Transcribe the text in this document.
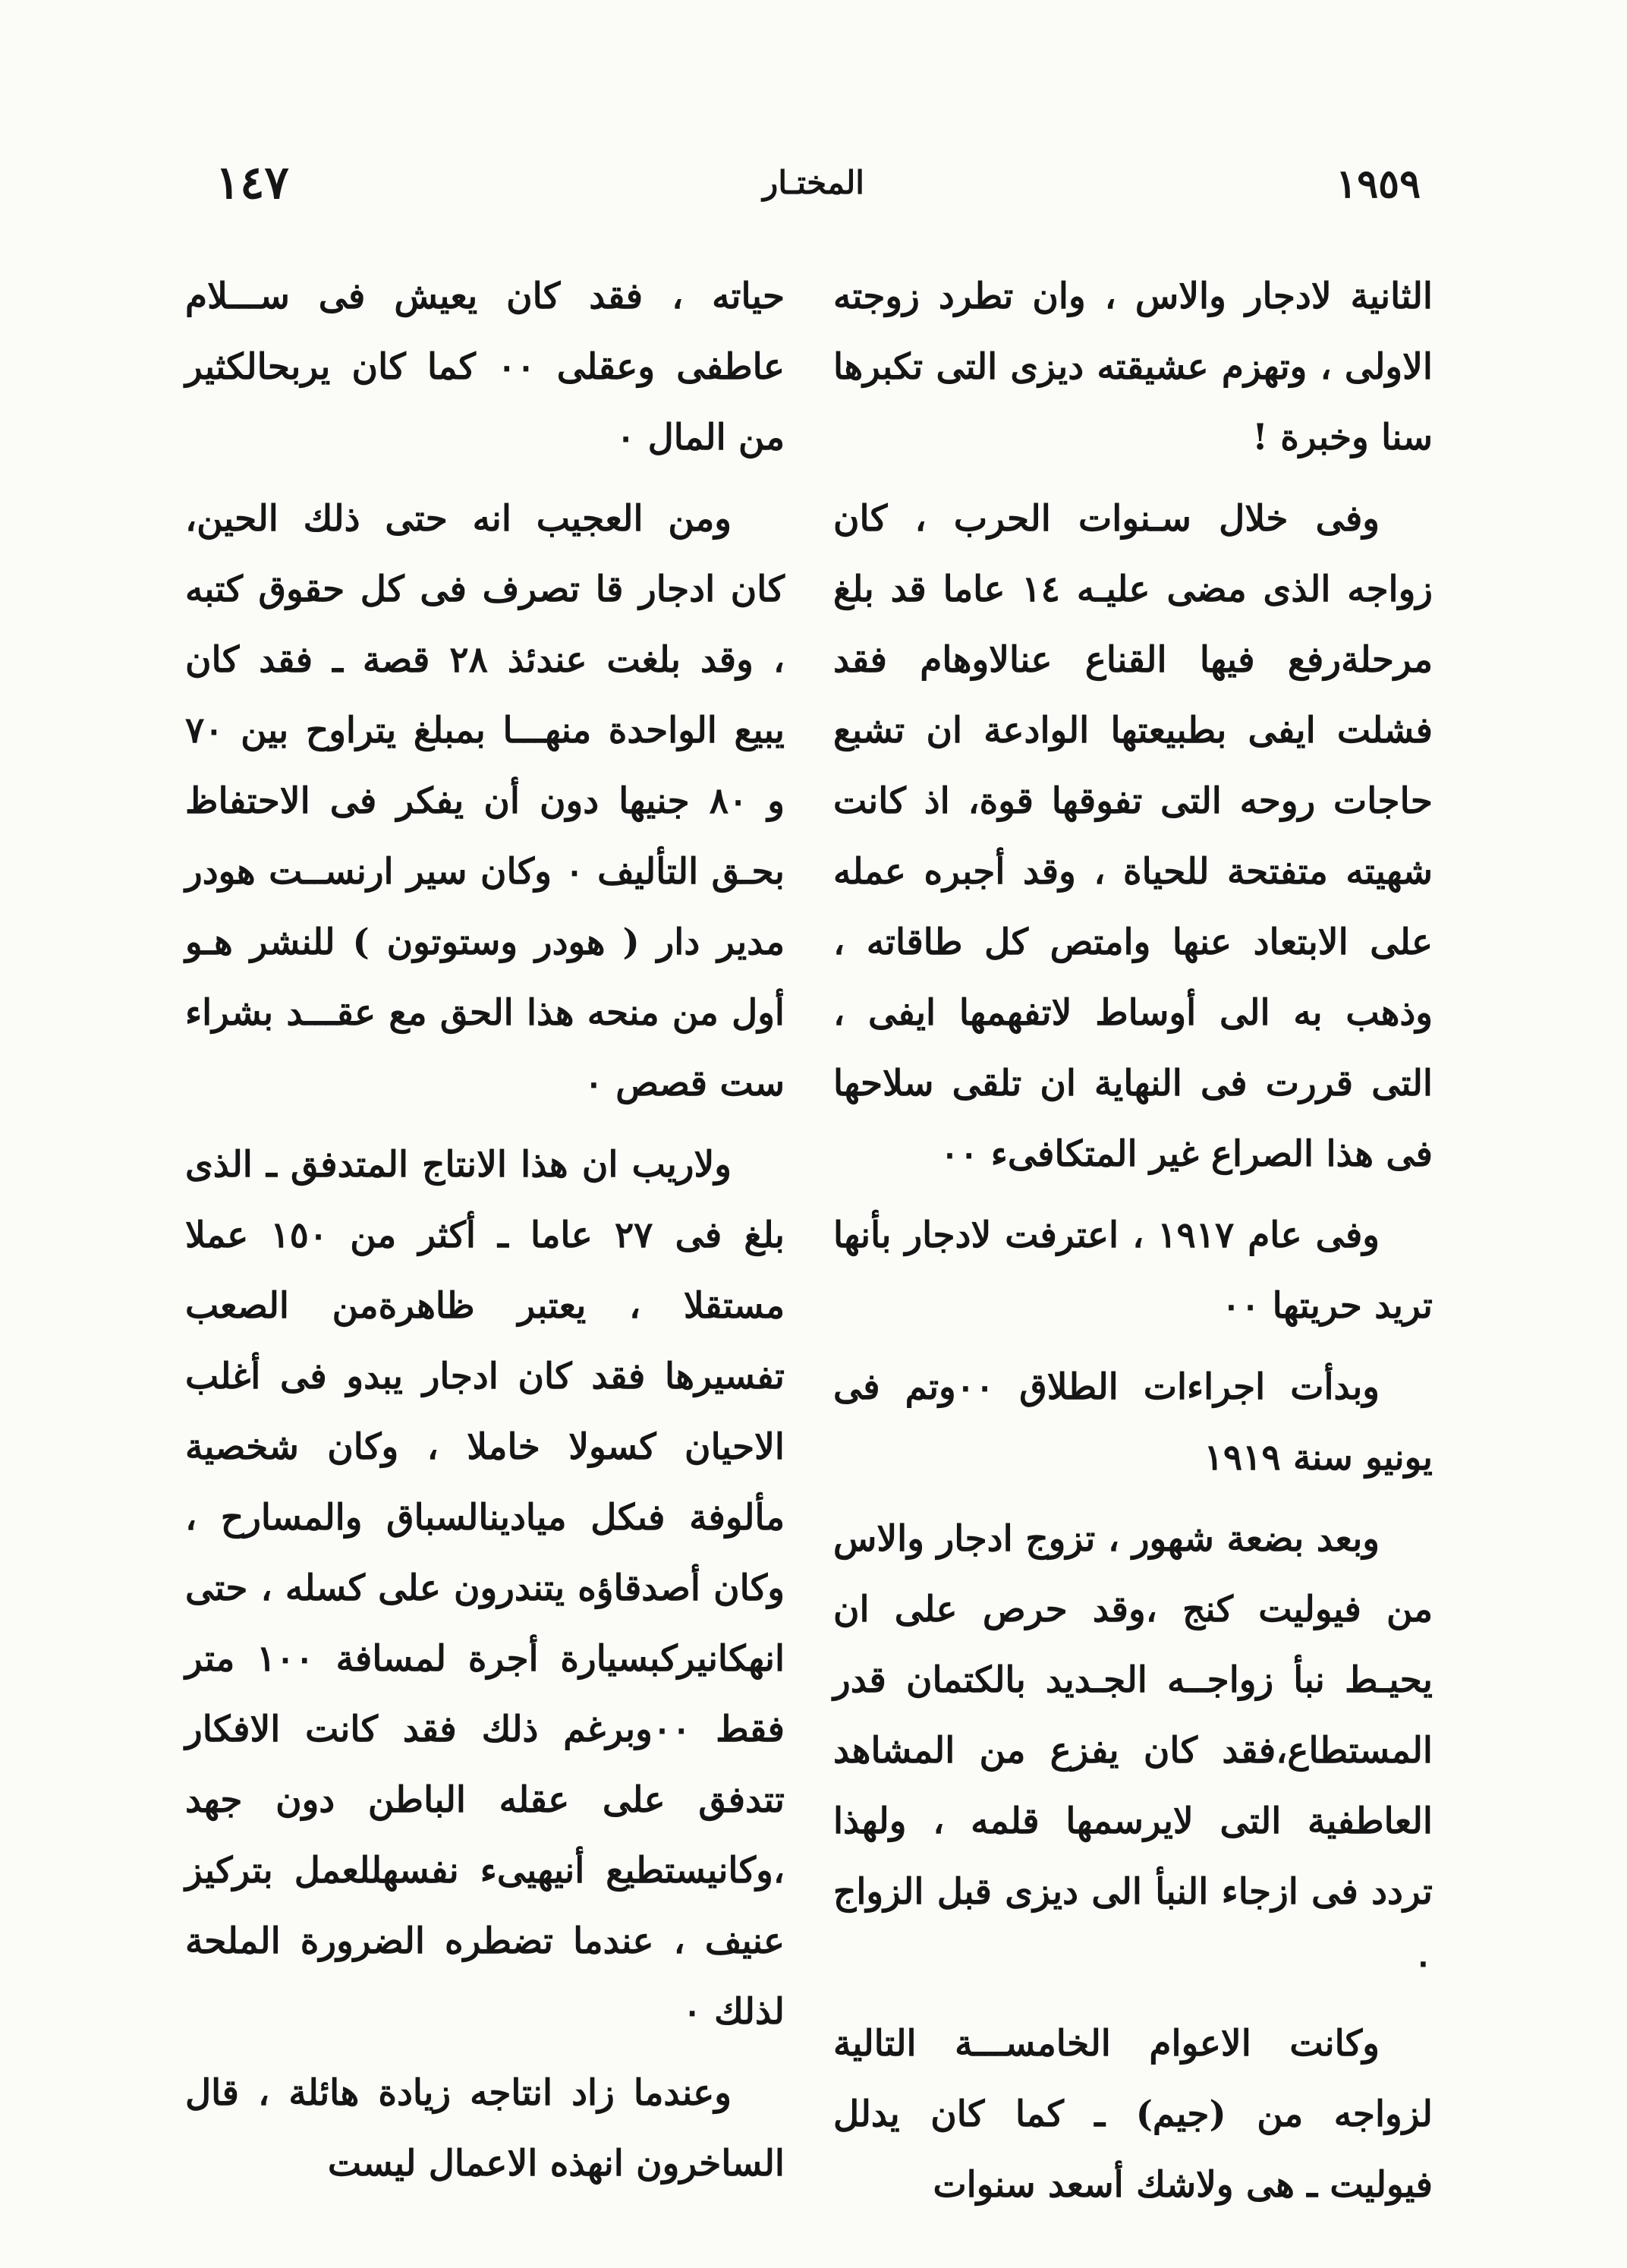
١٤٧	المختـار	١٩٥٩

الثانية لادجار والاس ، وان تطرد زوجته الاولى ، وتهزم عشيقته ديزى التى تكبرها سنا وخبرة !

وفى خلال سـنوات الحرب ، كان زواجه الذى مضى عليـه ١٤ عاما قد بلغ مرحلةرفع فيها القناع عنالاوهام فقد فشلت ايفى بطبيعتها الوادعة ان تشبع حاجات روحه التى تفوقها قوة، اذ كانت شهيته متفتحة للحياة ، وقد أجبره عمله على الابتعاد عنها وامتص كل طاقاته ، وذهب به الى أوساط لاتفهمها ايفى ، التى قررت فى النهاية ان تلقى سلاحها فى هذا الصراع غير المتكافىء ٠٠

وفى عام ١٩١٧ ، اعترفت لادجار بأنها تريد حريتها ٠٠

وبدأت اجراءات الطلاق ٠٠وتم فى يونيو سنة ١٩١٩

وبعد بضعة شهور ، تزوج ادجار والاس من فيوليت كنج ،وقد حرص على ان يحيـط نبأ زواجــه الجـديد بالكتمان قدر المستطاع،فقد كان يفزع من المشاهد العاطفية التى لايرسمها قلمه ، ولهذا تردد فى ازجاء النبأ الى ديزى قبل الزواج ٠

وكانت الاعوام الخامســـة التالية لزواجه من (جيم) ـ كما كان يدلل فيوليت ـ هى ولاشك أسعد سنوات

حياته ، فقد كان يعيش فى ســـلام عاطفى وعقلى ٠٠ كما كان يربحالكثير من المال ٠

ومن العجيب انه حتى ذلك الحين، كان ادجار قا تصرف فى كل حقوق كتبه ، وقد بلغت عندئذ ٢٨ قصة ـ فقد كان يبيع الواحدة منهـــا بمبلغ يتراوح بين ٧٠ و ٨٠ جنيها دون أن يفكر فى الاحتفاظ بحـق التأليف ٠ وكان سير ارنســت هودر مدير دار ( هودر وستوتون ) للنشر هـو أول من منحه هذا الحق مع عقـــد بشراء ست قصص ٠

ولاريب ان هذا الانتاج المتدفق ـ الذى بلغ فى ٢٧ عاما ـ أكثر من ١٥٠ عملا مستقلا ، يعتبر ظاهرةمن الصعب تفسيرها فقد كان ادجار يبدو فى أغلب الاحيان كسولا خاملا ، وكان شخصية مألوفة فىكل ميادينالسباق والمسارح ، وكان أصدقاؤه يتندرون على كسله ، حتى انهكانيركبسيارة أجرة لمسافة ١٠٠ متر فقط ٠٠وبرغم ذلك فقد كانت الافكار تتدفق على عقله الباطن دون جهد ،وكانيستطيع أنيهيىء نفسهللعمل بتركيز عنيف ، عندما تضطره الضرورة الملحة لذلك ٠

وعندما زاد انتاجه زيادة هائلة ، قال الساخرون انهذه الاعمال ليست
